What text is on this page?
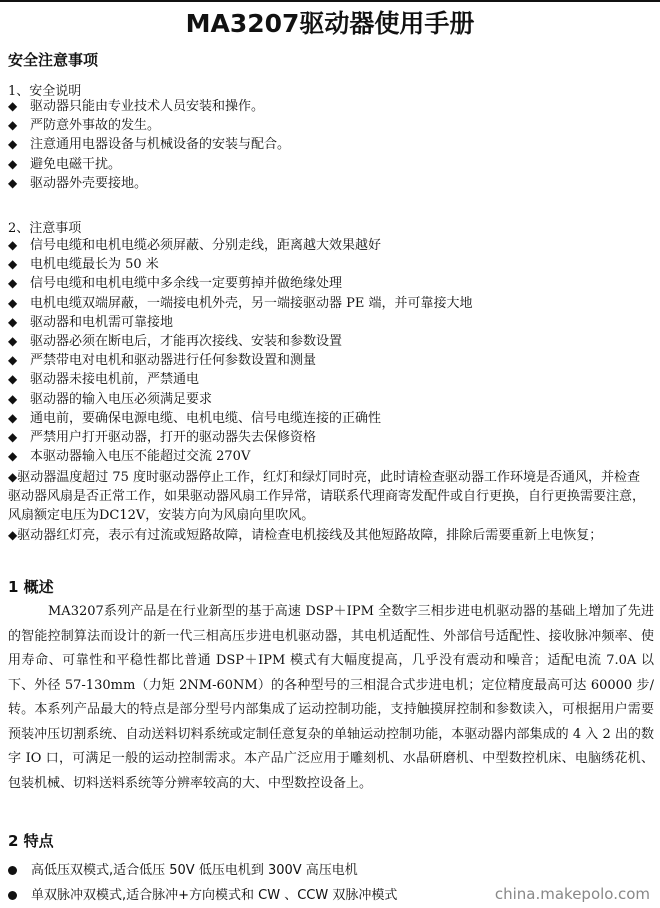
MA3207驱动器使用手册
安全注意事项
1、安全说明
◆ 驱动器只能由专业技术人员安装和操作。
◆ 严防意外事故的发生。
◆ 注意通用电器设备与机械设备的安装与配合。
◆ 避免电磁干扰。
◆ 驱动器外壳要接地。
2、注意事项
◆ 信号电缆和电机电缆必须屏蔽、分别走线，距离越大效果越好
◆ 电机电缆最长为 50 米
◆ 信号电缆和电机电缆中多余线一定要剪掉并做绝缘处理
◆ 电机电缆双端屏蔽，一端接电机外壳，另一端接驱动器 PE 端，并可靠接大地
◆ 驱动器和电机需可靠接地
◆ 驱动器必须在断电后，才能再次接线、安装和参数设置
◆ 严禁带电对电机和驱动器进行任何参数设置和测量
◆ 驱动器未接电机前，严禁通电
◆ 驱动器的输入电压必须满足要求
◆ 通电前，要确保电源电缆、电机电缆、信号电缆连接的正确性
◆ 严禁用户打开驱动器，打开的驱动器失去保修资格
◆ 本驱动器输入电压不能超过交流 270V
◆驱动器温度超过 75 度时驱动器停止工作，红灯和绿灯同时亮，此时请检查驱动器工作环境是否通风，并检查驱动器风扇是否正常工作，如果驱动器风扇工作异常，请联系代理商寄发配件或自行更换，自行更换需要注意，风扇额定电压为DC12V，安装方向为风扇向里吹风。
◆驱动器红灯亮，表示有过流或短路故障，请检查电机接线及其他短路故障，排除后需要重新上电恢复；
1 概述
MA3207系列产品是在行业新型的基于高速 DSP＋IPM 全数字三相步进电机驱动器的基础上增加了先进的智能控制算法而设计的新一代三相高压步进电机驱动器，其电机适配性、外部信号适配性、接收脉冲频率、使用寿命、可靠性和平稳性都比普通 DSP＋IPM 模式有大幅度提高，几乎没有震动和噪音；适配电流 7.0A 以下、外径 57-130mm（力矩 2NM-60NM）的各种型号的三相混合式步进电机；定位精度最高可达 60000 步/转。本系列产品最大的特点是部分型号内部集成了运动控制功能，支持触摸屏控制和参数读入，可根据用户需要预装冲压切割系统、自动送料切料系统或定制任意复杂的单轴运动控制功能，本驱动器内部集成的 4 入 2 出的数字 IO 口，可满足一般的运动控制需求。本产品广泛应用于雕刻机、水晶研磨机、中型数控机床、电脑绣花机、包装机械、切料送料系统等分辨率较高的大、中型数控设备上。
2 特点
高低压双模式,适合低压 50V 低压电机到 300V 高压电机
单双脉冲双模式,适合脉冲+方向模式和 CW 、CCW 双脉冲模式	china.makepolo.com
